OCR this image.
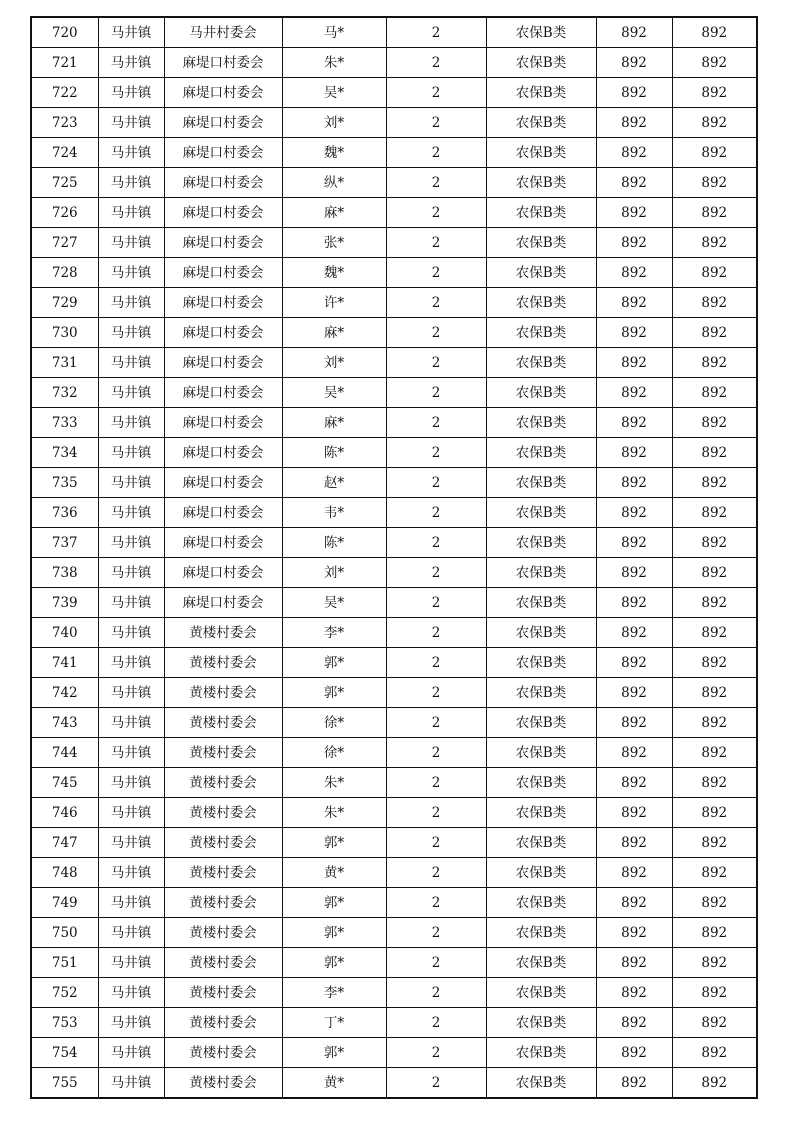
720	马井镇	马井村委会	马*	2	农保B类	892	892
721	马井镇	麻堤口村委会	朱*	2	农保B类	892	892
722	马井镇	麻堤口村委会	吴*	2	农保B类	892	892
723	马井镇	麻堤口村委会	刘*	2	农保B类	892	892
724	马井镇	麻堤口村委会	魏*	2	农保B类	892	892
725	马井镇	麻堤口村委会	纵*	2	农保B类	892	892
726	马井镇	麻堤口村委会	麻*	2	农保B类	892	892
727	马井镇	麻堤口村委会	张*	2	农保B类	892	892
728	马井镇	麻堤口村委会	魏*	2	农保B类	892	892
729	马井镇	麻堤口村委会	许*	2	农保B类	892	892
730	马井镇	麻堤口村委会	麻*	2	农保B类	892	892
731	马井镇	麻堤口村委会	刘*	2	农保B类	892	892
732	马井镇	麻堤口村委会	吴*	2	农保B类	892	892
733	马井镇	麻堤口村委会	麻*	2	农保B类	892	892
734	马井镇	麻堤口村委会	陈*	2	农保B类	892	892
735	马井镇	麻堤口村委会	赵*	2	农保B类	892	892
736	马井镇	麻堤口村委会	韦*	2	农保B类	892	892
737	马井镇	麻堤口村委会	陈*	2	农保B类	892	892
738	马井镇	麻堤口村委会	刘*	2	农保B类	892	892
739	马井镇	麻堤口村委会	吴*	2	农保B类	892	892
740	马井镇	黄楼村委会	李*	2	农保B类	892	892
741	马井镇	黄楼村委会	郭*	2	农保B类	892	892
742	马井镇	黄楼村委会	郭*	2	农保B类	892	892
743	马井镇	黄楼村委会	徐*	2	农保B类	892	892
744	马井镇	黄楼村委会	徐*	2	农保B类	892	892
745	马井镇	黄楼村委会	朱*	2	农保B类	892	892
746	马井镇	黄楼村委会	朱*	2	农保B类	892	892
747	马井镇	黄楼村委会	郭*	2	农保B类	892	892
748	马井镇	黄楼村委会	黄*	2	农保B类	892	892
749	马井镇	黄楼村委会	郭*	2	农保B类	892	892
750	马井镇	黄楼村委会	郭*	2	农保B类	892	892
751	马井镇	黄楼村委会	郭*	2	农保B类	892	892
752	马井镇	黄楼村委会	李*	2	农保B类	892	892
753	马井镇	黄楼村委会	丁*	2	农保B类	892	892
754	马井镇	黄楼村委会	郭*	2	农保B类	892	892
755	马井镇	黄楼村委会	黄*	2	农保B类	892	892
